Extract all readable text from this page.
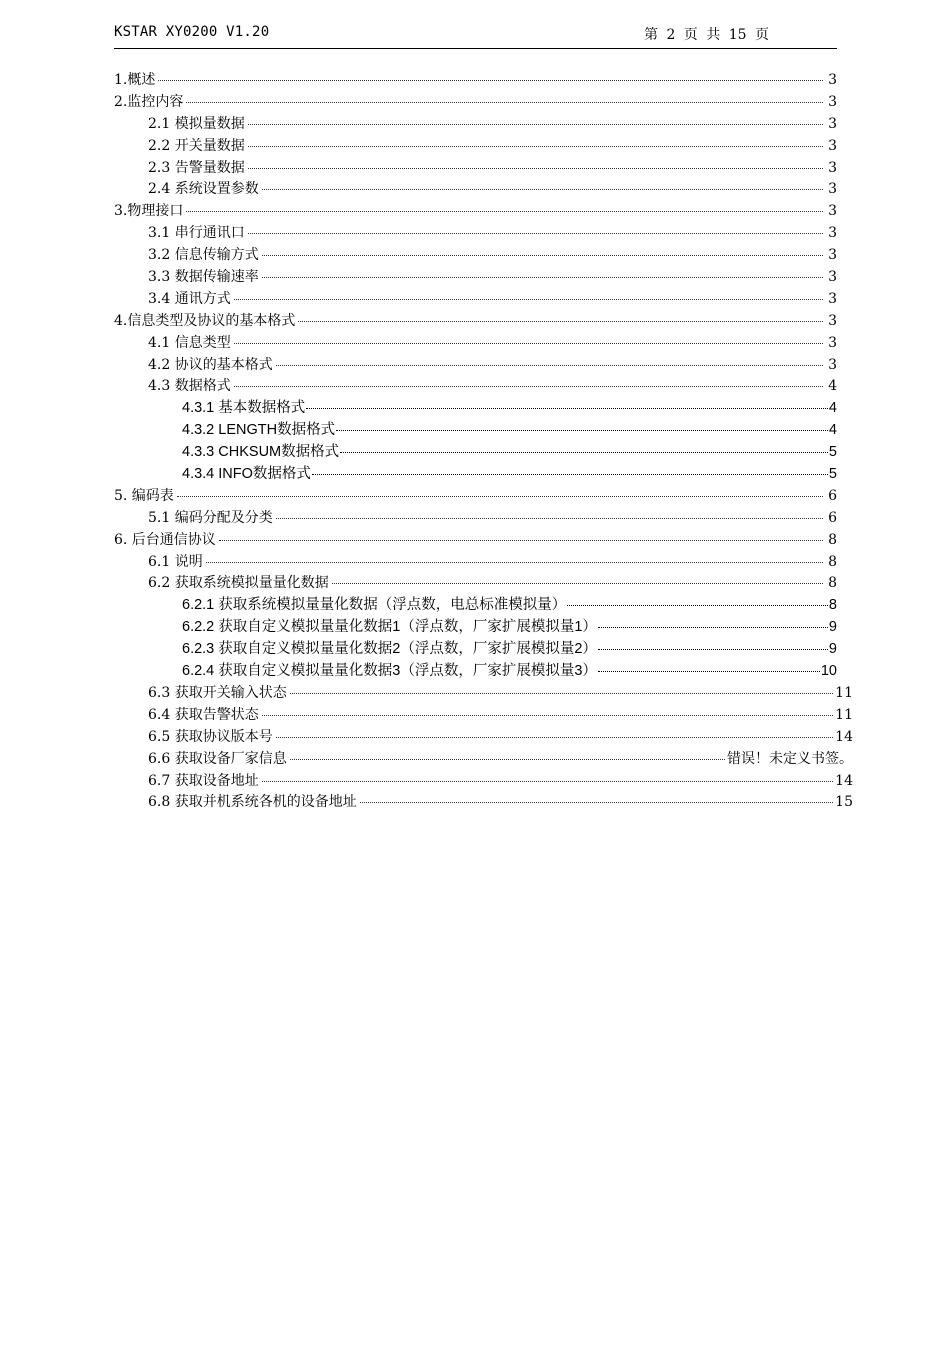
KSTAR XY0200 V1.20	第 2 页 共 15 页
1.概述	3
2.监控内容	3
2.1 模拟量数据	3
2.2 开关量数据	3
2.3 告警量数据	3
2.4 系统设置参数	3
3.物理接口	3
3.1 串行通讯口	3
3.2 信息传输方式	3
3.3 数据传输速率	3
3.4 通讯方式	3
4.信息类型及协议的基本格式	3
4.1 信息类型	3
4.2 协议的基本格式	3
4.3 数据格式	4
4.3.1 基本数据格式	4
4.3.2 LENGTH数据格式	4
4.3.3 CHKSUM数据格式	5
4.3.4 INFO数据格式	5
5. 编码表	6
5.1 编码分配及分类	6
6. 后台通信协议	8
6.1 说明	8
6.2 获取系统模拟量量化数据	8
6.2.1 获取系统模拟量量化数据（浮点数，电总标准模拟量）	8
6.2.2 获取自定义模拟量量化数据1（浮点数，厂家扩展模拟量1）	9
6.2.3 获取自定义模拟量量化数据2（浮点数，厂家扩展模拟量2）	9
6.2.4 获取自定义模拟量量化数据3（浮点数，厂家扩展模拟量3）	10
6.3 获取开关输入状态	11
6.4 获取告警状态	11
6.5 获取协议版本号	14
6.6 获取设备厂家信息	错误！未定义书签。
6.7 获取设备地址	14
6.8 获取并机系统各机的设备地址	15
